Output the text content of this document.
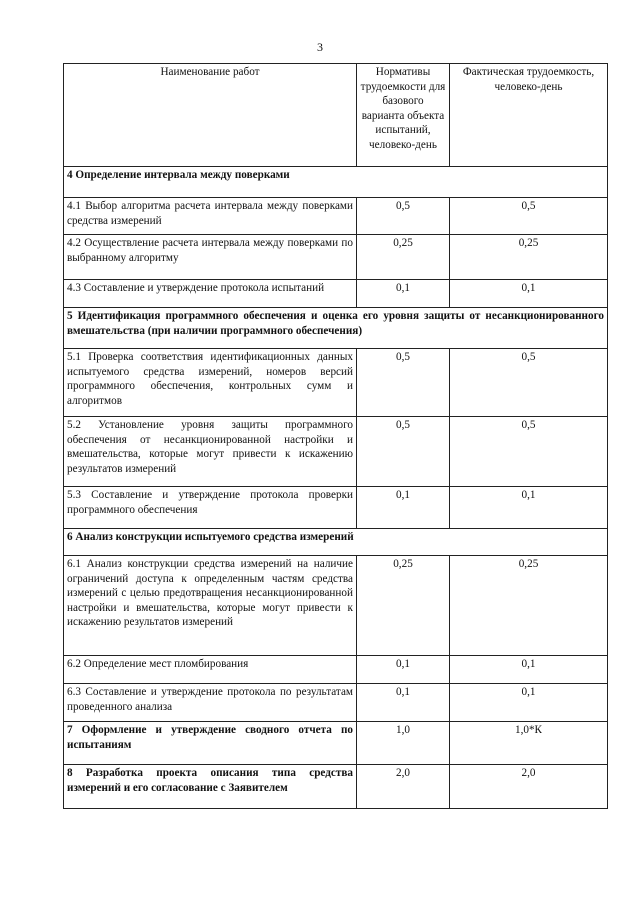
3
Наименование работ	Нормативы трудоемкости для базового варианта объекта испытаний, человеко-день	Фактическая трудоемкость, человеко-день
4 Определение интервала между поверками		
4.1 Выбор алгоритма расчета интервала между поверками средства измерений	0,5	0,5
4.2 Осуществление расчета интервала между поверками по выбранному алгоритму	0,25	0,25
4.3 Составление и утверждение протокола испытаний	0,1	0,1
5 Идентификация программного обеспечения и оценка его уровня защиты от несанкционированного вмешательства (при наличии программного обеспечения)		
5.1 Проверка соответствия идентификационных данных испытуемого средства измерений, номеров версий программного обеспечения, контрольных сумм и алгоритмов	0,5	0,5
5.2 Установление уровня защиты программного обеспечения от несанкционированной настройки и вмешательства, которые могут привести к искажению результатов измерений	0,5	0,5
5.3 Составление и утверждение протокола проверки программного обеспечения	0,1	0,1
6 Анализ конструкции испытуемого средства измерений		
6.1 Анализ конструкции средства измерений на наличие ограничений доступа к определенным частям средства измерений с целью предотвращения несанкционированной настройки и вмешательства, которые могут привести к искажению результатов измерений	0,25	0,25
6.2 Определение мест пломбирования	0,1	0,1
6.3 Составление и утверждение протокола по результатам проведенного анализа	0,1	0,1
7 Оформление и утверждение сводного отчета по испытаниям	1,0	1,0*К
8 Разработка проекта описания типа средства измерений и его согласование с Заявителем	2,0	2,0
